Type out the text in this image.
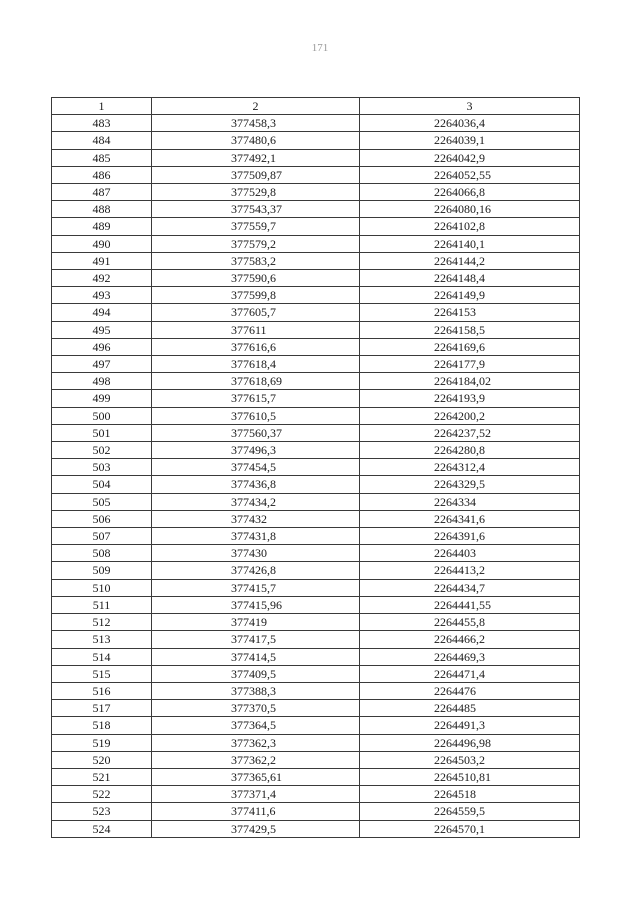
171
1	2	3
483	377458,3	2264036,4
484	377480,6	2264039,1
485	377492,1	2264042,9
486	377509,87	2264052,55
487	377529,8	2264066,8
488	377543,37	2264080,16
489	377559,7	2264102,8
490	377579,2	2264140,1
491	377583,2	2264144,2
492	377590,6	2264148,4
493	377599,8	2264149,9
494	377605,7	2264153
495	377611	2264158,5
496	377616,6	2264169,6
497	377618,4	2264177,9
498	377618,69	2264184,02
499	377615,7	2264193,9
500	377610,5	2264200,2
501	377560,37	2264237,52
502	377496,3	2264280,8
503	377454,5	2264312,4
504	377436,8	2264329,5
505	377434,2	2264334
506	377432	2264341,6
507	377431,8	2264391,6
508	377430	2264403
509	377426,8	2264413,2
510	377415,7	2264434,7
511	377415,96	2264441,55
512	377419	2264455,8
513	377417,5	2264466,2
514	377414,5	2264469,3
515	377409,5	2264471,4
516	377388,3	2264476
517	377370,5	2264485
518	377364,5	2264491,3
519	377362,3	2264496,98
520	377362,2	2264503,2
521	377365,61	2264510,81
522	377371,4	2264518
523	377411,6	2264559,5
524	377429,5	2264570,1
